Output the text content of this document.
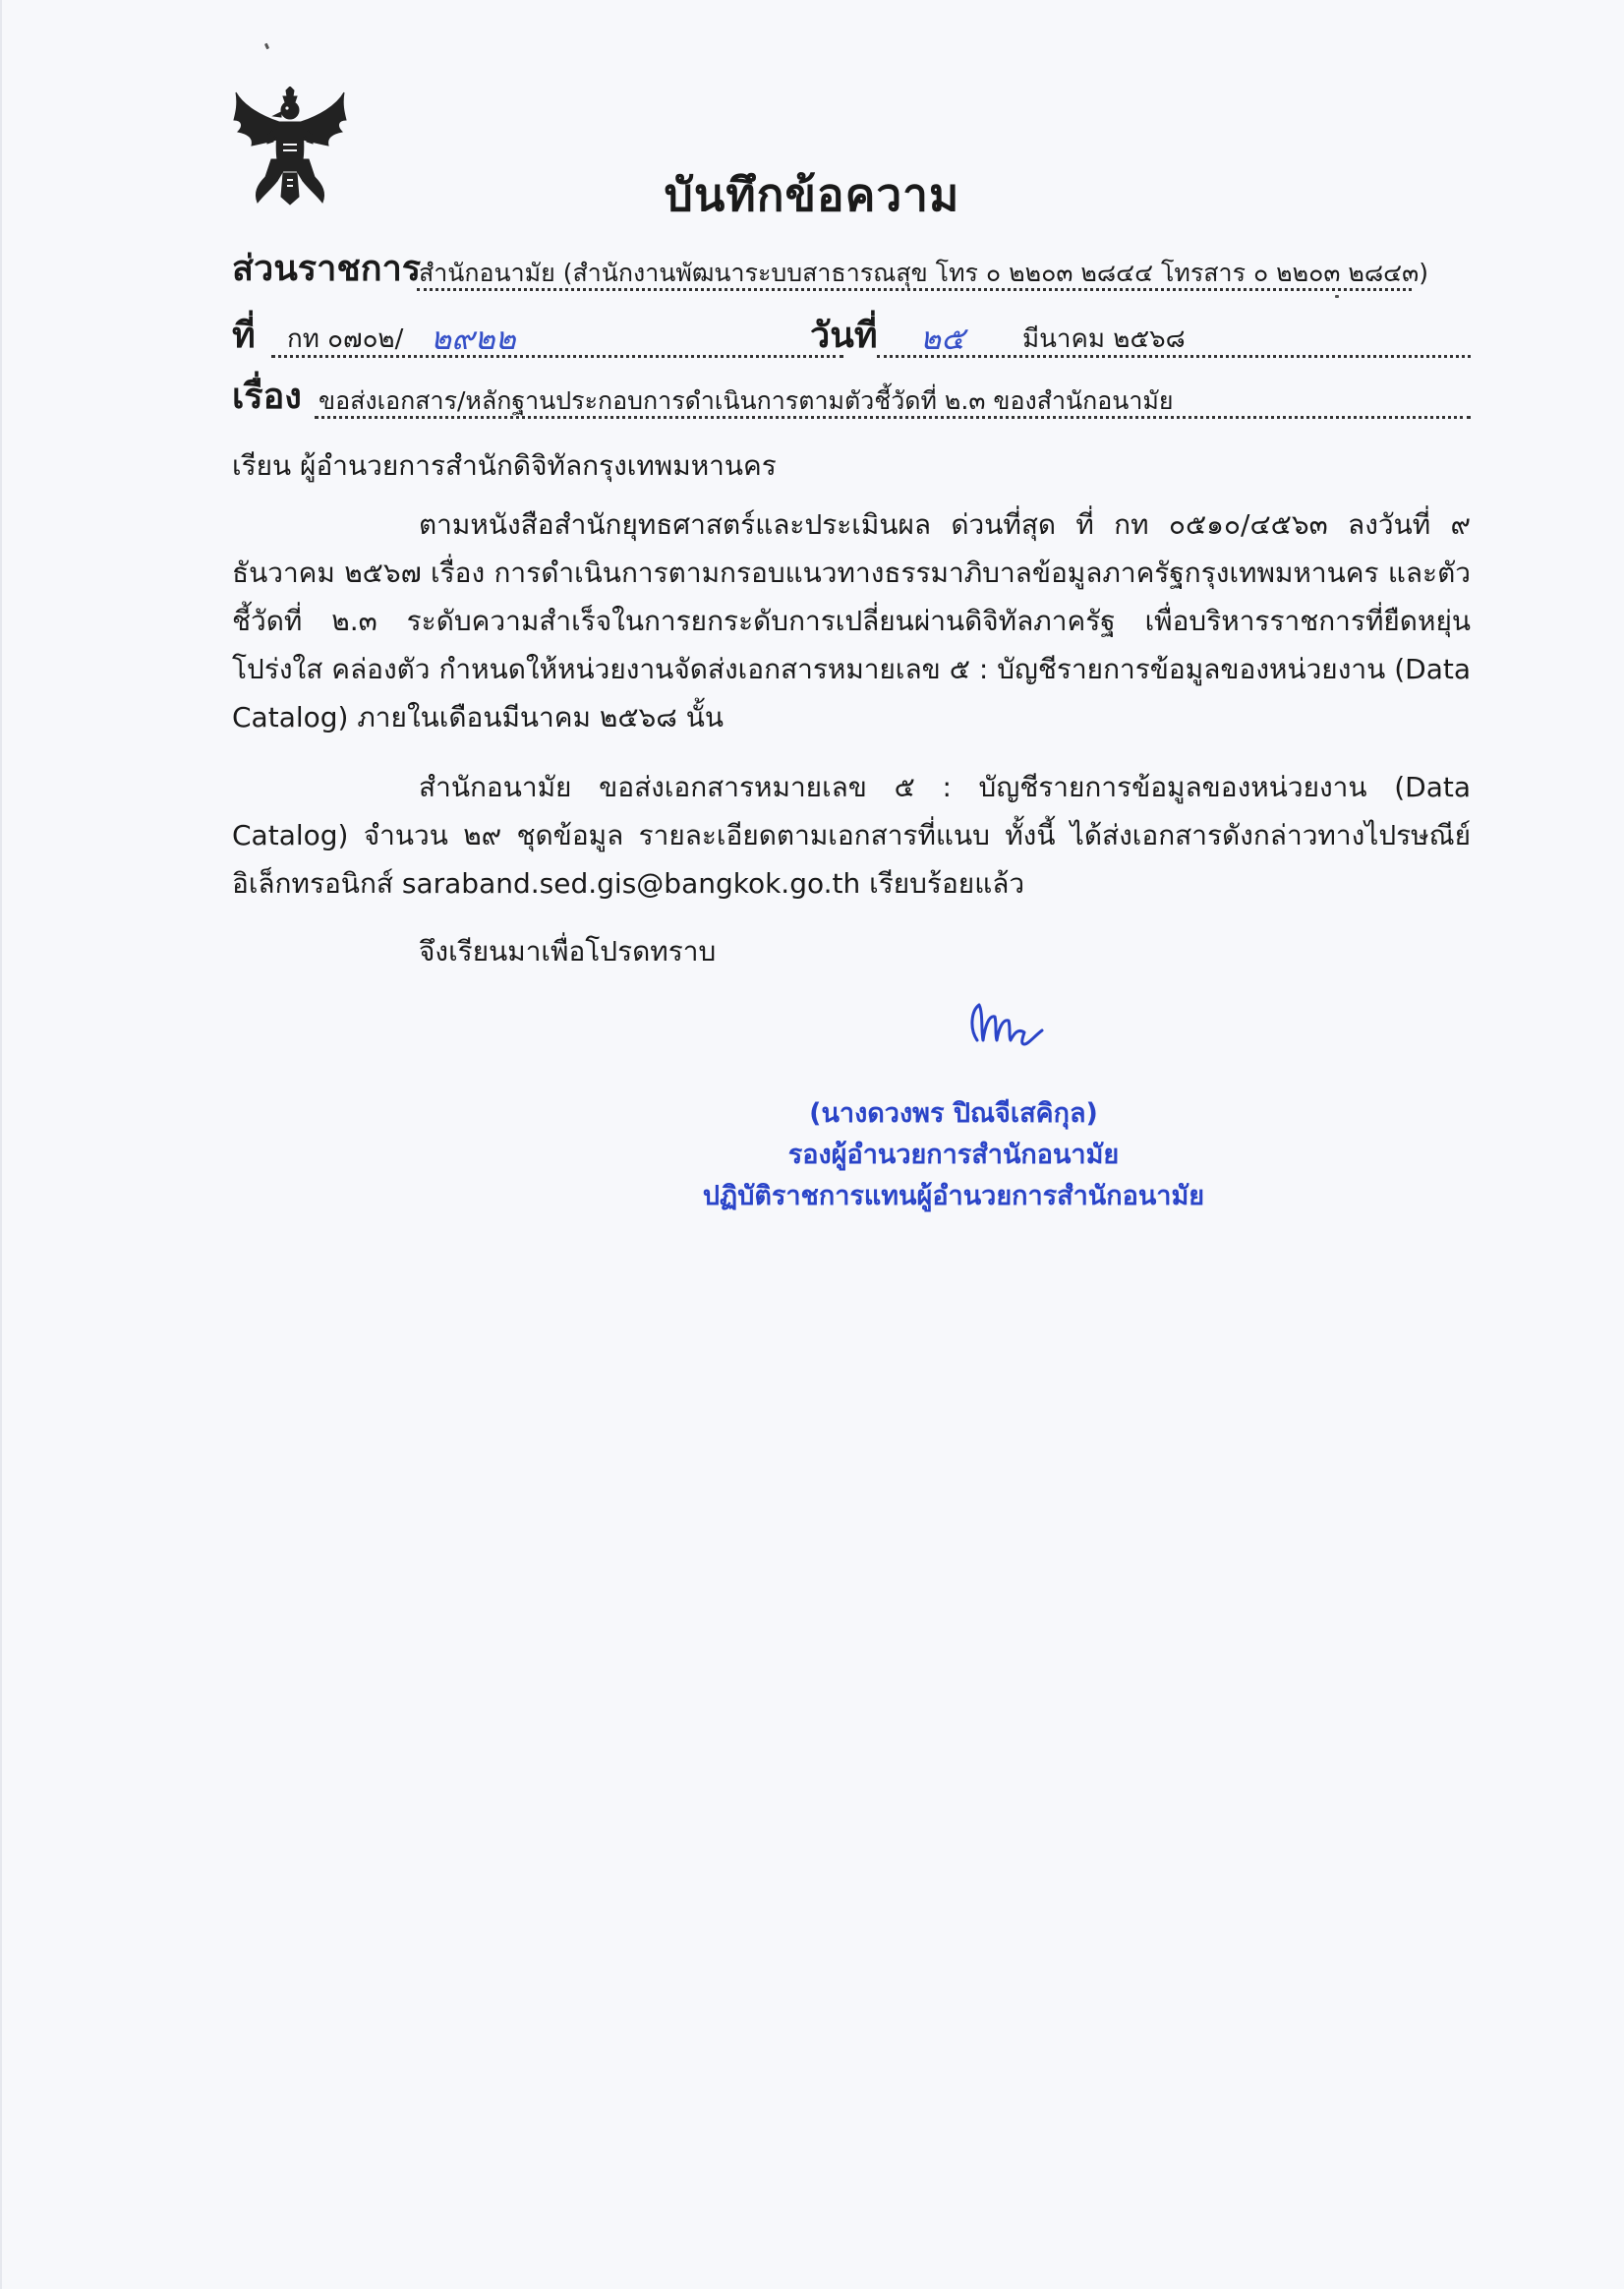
บันทึกข้อความ
ส่วนราชการ
สำนักอนามัย (สำนักงานพัฒนาระบบสาธารณสุข โทร ๐ ๒๒๐๓ ๒๘๔๔ โทรสาร ๐ ๒๒๐๓ ๒๘๔๓)
ที่ กท ๐๗๐๒/ ๒๙๒๒	วันที่ ๒๕ มีนาคม ๒๕๖๘
เรื่อง ขอส่งเอกสาร/หลักฐานประกอบการดำเนินการตามตัวชี้วัดที่ ๒.๓ ของสำนักอนามัย
เรียน ผู้อำนวยการสำนักดิจิทัลกรุงเทพมหานคร

ตามหนังสือสำนักยุทธศาสตร์และประเมินผล ด่วนที่สุด ที่ กท ๐๕๑๐/๔๕๖๓ ลงวันที่ ๙ ธันวาคม ๒๕๖๗ เรื่อง การดำเนินการตามกรอบแนวทางธรรมาภิบาลข้อมูลภาครัฐกรุงเทพมหานคร และตัวชี้วัดที่ ๒.๓ ระดับความสำเร็จในการยกระดับการเปลี่ยนผ่านดิจิทัลภาครัฐ เพื่อบริหารราชการที่ยืดหยุ่น โปร่งใส คล่องตัว กำหนดให้หน่วยงานจัดส่งเอกสารหมายเลข ๕ : บัญชีรายการข้อมูลของหน่วยงาน (Data Catalog) ภายในเดือนมีนาคม ๒๕๖๘ นั้น

สำนักอนามัย ขอส่งเอกสารหมายเลข ๕ : บัญชีรายการข้อมูลของหน่วยงาน (Data Catalog) จำนวน ๒๙ ชุดข้อมูล รายละเอียดตามเอกสารที่แนบ ทั้งนี้ ได้ส่งเอกสารดังกล่าวทางไปรษณีย์อิเล็กทรอนิกส์ saraband.sed.gis@bangkok.go.th เรียบร้อยแล้ว

จึงเรียนมาเพื่อโปรดทราบ
(นางดวงพร ปิณจีเสคิกุล)
รองผู้อำนวยการสำนักอนามัย
ปฏิบัติราชการแทนผู้อำนวยการสำนักอนามัย
